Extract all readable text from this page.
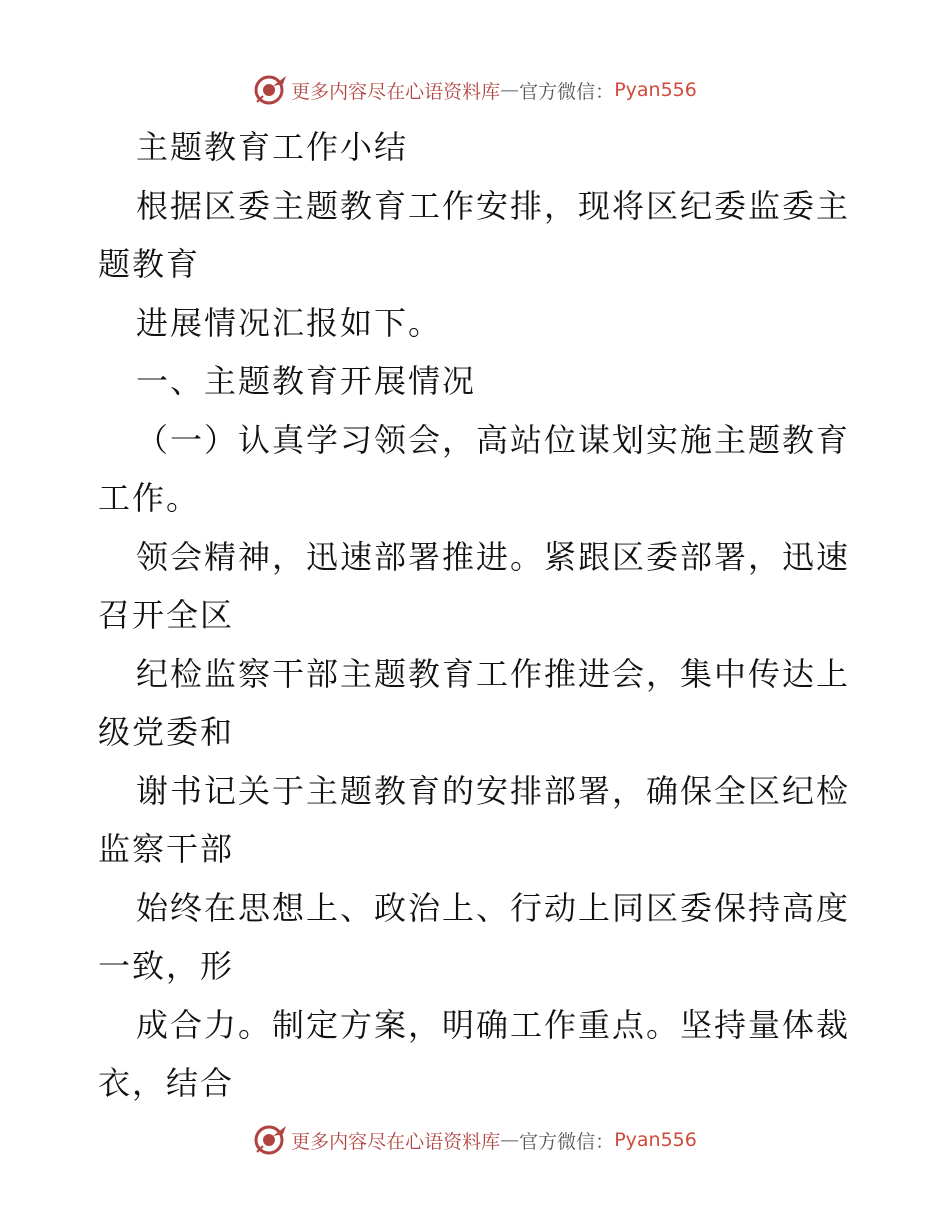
更多内容尽在心语资料库 — 官方微信： Pyan556

主题教育工作小结

根据区委主题教育工作安排，现将区纪委监委主题教育

进展情况汇报如下。

一、主题教育开展情况

（一）认真学习领会，高站位谋划实施主题教育工作。

领会精神，迅速部署推进。紧跟区委部署，迅速召开全区

纪检监察干部主题教育工作推进会，集中传达上级党委和

谢书记关于主题教育的安排部署，确保全区纪检监察干部

始终在思想上、政治上、行动上同区委保持高度一致，形

成合力。制定方案，明确工作重点。坚持量体裁衣，结合

更多内容尽在心语资料库 — 官方微信： Pyan556
